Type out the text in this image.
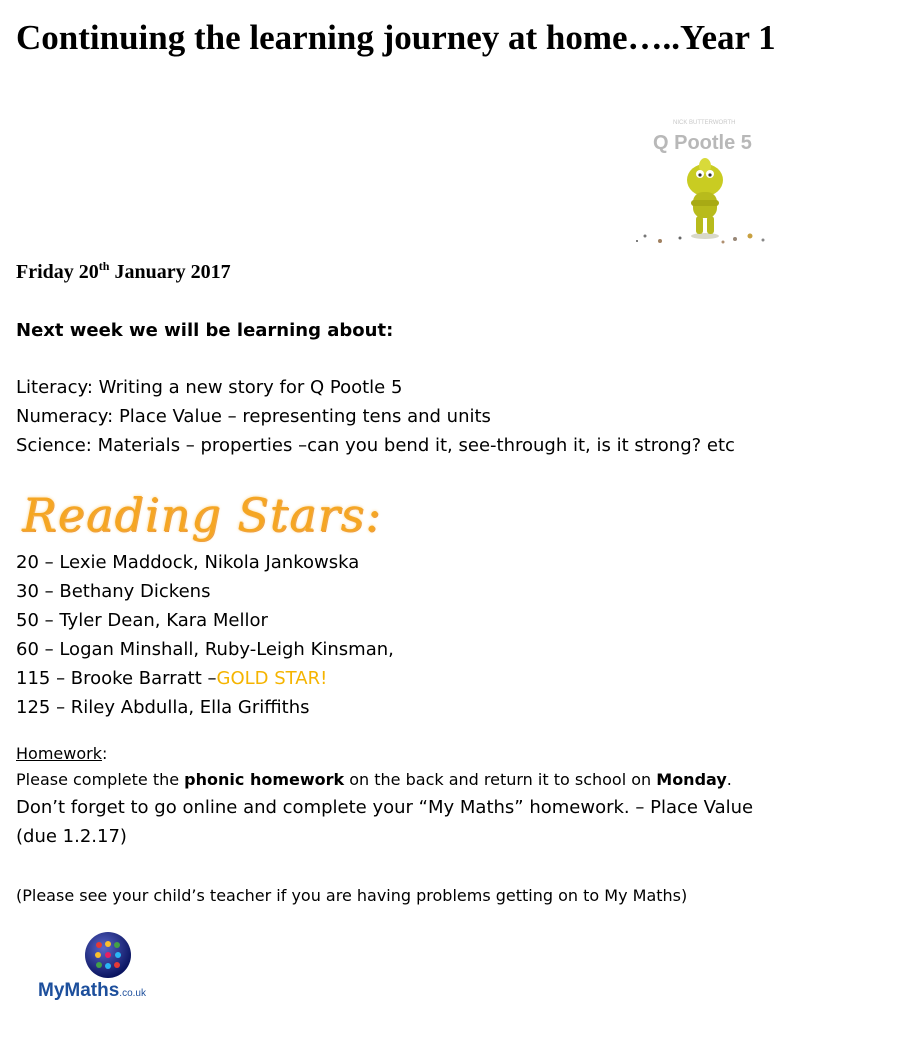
Continuing the learning journey at home…..Year 1
NICK BUTTERWORTH
Q Pootle 5
Friday 20th January 2017
Next week we will be learning about:
Literacy: Writing a new story for Q Pootle 5
Numeracy: Place Value – representing tens and units
Science: Materials – properties –can you bend it, see-through it, is it strong? etc
Reading Stars:
20 – Lexie Maddock, Nikola Jankowska
30 – Bethany Dickens
50 – Tyler Dean, Kara Mellor
60 – Logan Minshall, Ruby-Leigh Kinsman,
115 – Brooke Barratt –GOLD STAR!
125 – Riley Abdulla, Ella Griffiths
Homework:
Please complete the phonic homework on the back and return it to school on Monday.
Don’t forget to go online and complete your “My Maths” homework. – Place Value
(due 1.2.17)
(Please see your child’s teacher if you are having problems getting on to My Maths)
MyMaths.co.uk
